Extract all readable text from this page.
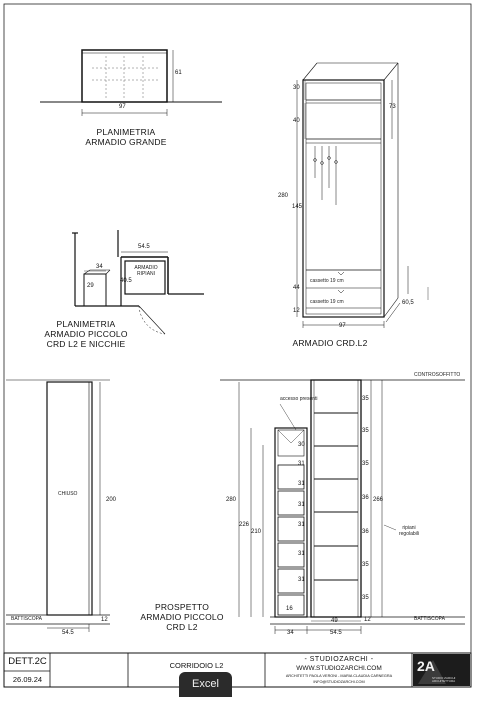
PLANIMETRIA
ARMADIO GRANDE
97
61
30
40
73
280
145
44
12
97
60,5
cassetto 19 cm
cassetto 19 cm
ARMADIO CRD.L2
54.5
34
29
40.5
ARMADIO
RIPIANI
PLANIMETRIA
ARMADIO PICCOLO
CRD L2 E NICCHIE
CHIUSO
200
BATTISCOPA
54.5
12
CONTROSOFFITTO
accesso presenti
ripiani
regolabili
BATTISCOPA
280
226
210
30
31
31
31
31
31
31
16
12
34
49
54.5
266
35
35
35
36
36
35
35
PROSPETTO
ARMADIO PICCOLO
CRD L2
DETT.2C
26.09.24
CORRIDOIO L2
- STUDIOZARCHI -
WWW.STUDIOZARCHI.COM
ARCHITETTI PAOLA VERONI - MARIA CLAUDIA CARNEGRA
INFO@STUDIOZARCHI.COM
2A
STUDIO ZARCHI ARCHITETTURA
Excel
